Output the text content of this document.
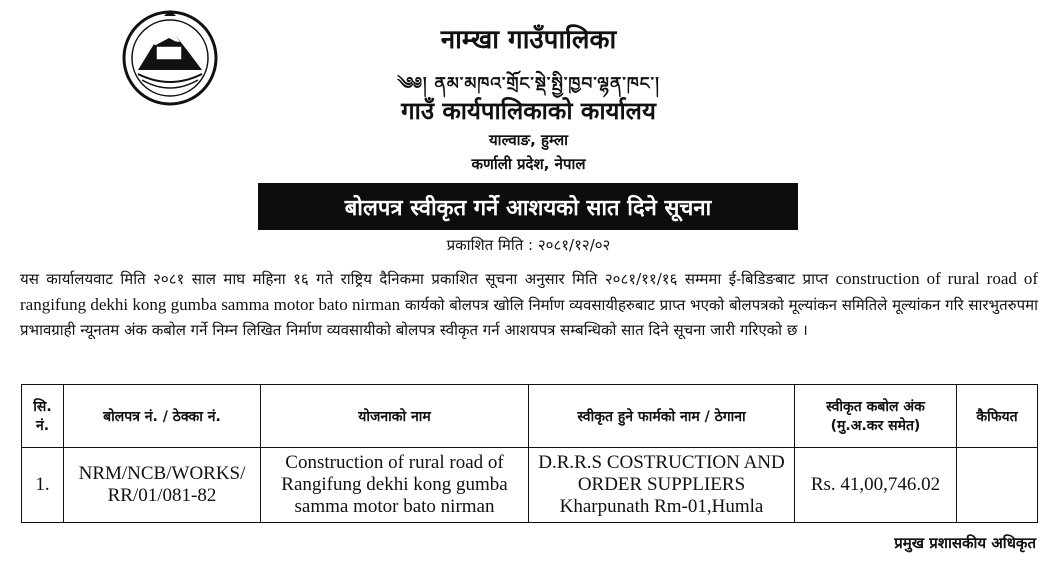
नाम्खा गाउँपालिका
༄༅། ནམ་མཁའ་གྲོང་སྡེ་སྤྱི་ཁྱབ་ལྷན་ཁང་།
गाउँ कार्यपालिकाको कार्यालय
याल्वाङ, हुम्ला
कर्णाली प्रदेश, नेपाल
बोलपत्र स्वीकृत गर्ने आशयको सात दिने सूचना
प्रकाशित मिति : २०८१/१२/०२

यस कार्यालयवाट मिति २०८१ साल माघ महिना १६ गते राष्ट्रिय दैनिकमा प्रकाशित सूचना अनुसार मिति २०८१/११/१६ सम्ममा ई-बिडिङबाट प्राप्त construction of rural road of rangifung dekhi kong gumba samma motor bato nirman कार्यको बोलपत्र खोलि निर्माण व्यवसायीहरुबाट प्राप्त भएको बोलपत्रको मूल्यांकन समितिले मूल्यांकन गरि सारभुतरुपमा प्रभावग्राही न्यूनतम अंक कबोल गर्ने निम्न लिखित निर्माण व्यवसायीको बोलपत्र स्वीकृत गर्न आशयपत्र सम्बन्धिको सात दिने सूचना जारी गरिएको छ ।

सि. नं.	बोलपत्र नं. / ठेक्का नं.	योजनाको नाम	स्वीकृत हुने फार्मको नाम / ठेगाना	स्वीकृत कबोल अंक (मु.अ.कर समेत)	कैफियत
1.	NRM/NCB/WORKS/ RR/01/081-82	Construction of rural road of Rangifung dekhi kong gumba samma motor bato nirman	D.R.R.S COSTRUCTION AND ORDER SUPPLIERS Kharpunath Rm-01,Humla	Rs. 41,00,746.02	
प्रमुख प्रशासकीय अधिकृत
